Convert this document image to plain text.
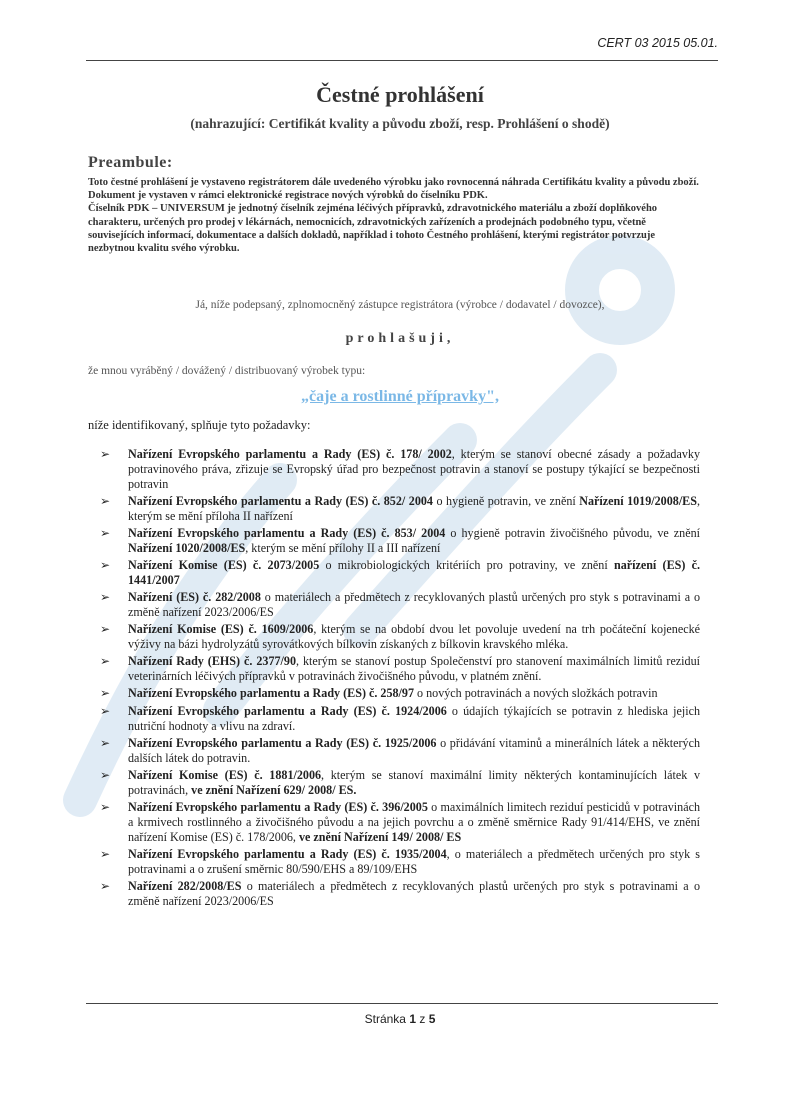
CERT 03 2015 05.01.
Čestné prohlášení
(nahrazující: Certifikát kvality a původu zboží, resp. Prohlášení o shodě)
Preambule:

Toto čestné prohlášení je vystaveno registrátorem dále uvedeného výrobku jako rovnocenná náhrada Certifikátu kvality a původu zboží.

Dokument je vystaven v rámci elektronické registrace nových výrobků do číselníku PDK.

Číselník PDK – UNIVERSUM je jednotný číselník zejména léčivých přípravků, zdravotnického materiálu a zboží doplňkového charakteru, určených pro prodej v lékárnách, nemocnicích, zdravotnických zařízeních a prodejnách podobného typu, včetně souvisejících informací, dokumentace a dalších dokladů, například i tohoto Čestného prohlášení, kterými registrátor potvrzuje nezbytnou kvalitu svého výrobku.

Já, níže podepsaný, zplnomocněný zástupce registrátora (výrobce / dodavatel / dovozce),
prohlašuji,
že mnou vyráběný / dovážený / distribuovaný výrobek typu:
„čaje a rostlinné přípravky",
níže identifikovaný, splňuje tyto požadavky:
➢ Nařízení Evropského parlamentu a Rady (ES) č. 178/ 2002, kterým se stanoví obecné zásady a požadavky potravinového práva, zřizuje se Evropský úřad pro bezpečnost potravin a stanoví se postupy týkající se bezpečnosti potravin
➢ Nařízení Evropského parlamentu a Rady (ES) č. 852/ 2004 o hygieně potravin, ve znění Nařízení 1019/2008/ES, kterým se mění příloha II nařízení
➢ Nařízení Evropského parlamentu a Rady (ES) č. 853/ 2004 o hygieně potravin živočišného původu, ve znění Nařízení 1020/2008/ES, kterým se mění přílohy II a III nařízení
➢ Nařízení Komise (ES) č. 2073/2005 o mikrobiologických kritériích pro potraviny, ve znění nařízení (ES) č. 1441/2007
➢ Nařízení (ES) č. 282/2008 o materiálech a předmětech z recyklovaných plastů určených pro styk s potravinami a o změně nařízení 2023/2006/ES
➢ Nařízení Komise (ES) č. 1609/2006, kterým se na období dvou let povoluje uvedení na trh počáteční kojenecké výživy na bázi hydrolyzátů syrovátkových bílkovin získaných z bílkovin kravského mléka.
➢ Nařízení Rady (EHS) č. 2377/90, kterým se stanoví postup Společenství pro stanovení maximálních limitů reziduí veterinárních léčivých přípravků v potravinách živočišného původu, v platném znění.
➢ Nařízení Evropského parlamentu a Rady (ES) č. 258/97 o nových potravinách a nových složkách potravin
➢ Nařízení Evropského parlamentu a Rady (ES) č. 1924/2006 o údajích týkajících se potravin z hlediska jejich nutriční hodnoty a vlivu na zdraví.
➢ Nařízení Evropského parlamentu a Rady (ES) č. 1925/2006 o přidávání vitaminů a minerálních látek a některých dalších látek do potravin.
➢ Nařízení Komise (ES) č. 1881/2006, kterým se stanoví maximální limity některých kontaminujících látek v potravinách, ve znění Nařízení 629/ 2008/ ES.
➢ Nařízení Evropského parlamentu a Rady (ES) č. 396/2005 o maximálních limitech reziduí pesticidů v potravinách a krmivech rostlinného a živočišného původu a na jejich povrchu a o změně směrnice Rady 91/414/EHS, ve znění nařízení Komise (ES) č. 178/2006, ve znění Nařízení 149/ 2008/ ES
➢ Nařízení Evropského parlamentu a Rady (ES) č. 1935/2004, o materiálech a předmětech určených pro styk s potravinami a o zrušení směrnic 80/590/EHS a 89/109/EHS
➢ Nařízení 282/2008/ES o materiálech a předmětech z recyklovaných plastů určených pro styk s potravinami a o změně nařízení 2023/2006/ES
Stránka 1 z 5
